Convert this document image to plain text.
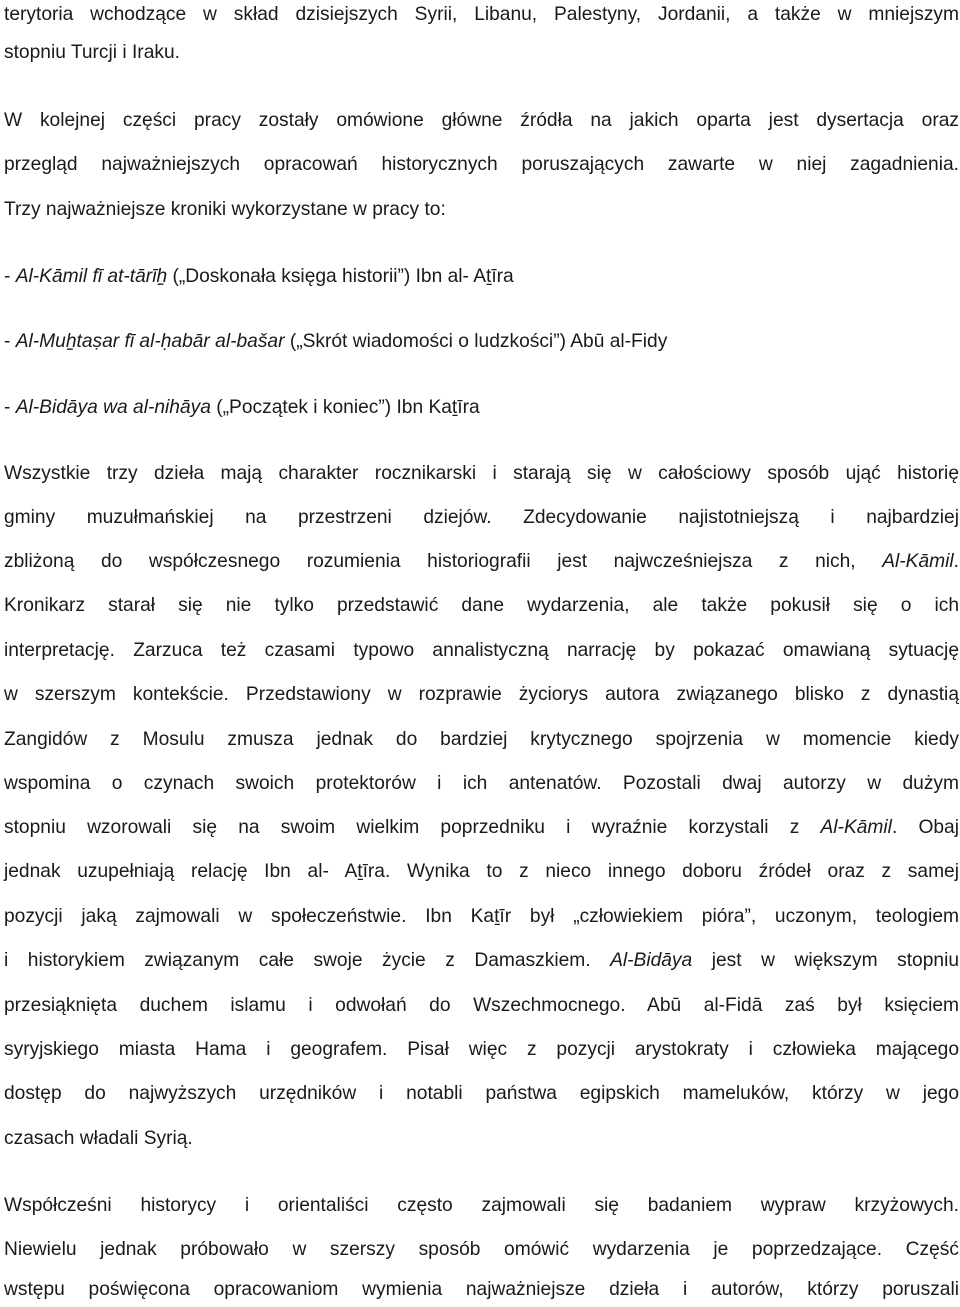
terytoria wchodzące w skład dzisiejszych Syrii, Libanu, Palestyny, Jordanii, a także w mniejszym
stopniu Turcji i Iraku.
W kolejnej części pracy zostały omówione główne źródła na jakich oparta jest dysertacja oraz
przegląd najważniejszych opracowań historycznych poruszających zawarte w niej zagadnienia.
Trzy najważniejsze kroniki wykorzystane w pracy to:
- Al-Kāmil fī at-tārīẖ („Doskonała księga historii”) Ibn al- Aṯīra
- Al-Muẖtaṣar fī al-ḥabār al-bašar („Skrót wiadomości o ludzkości”) Abū al-Fidy
- Al-Bidāya wa al-nihāya („Początek i koniec”) Ibn Kaṯīra
Wszystkie trzy dzieła mają charakter rocznikarski i starają się w całościowy sposób ująć historię
gminy muzułmańskiej na przestrzeni dziejów. Zdecydowanie najistotniejszą i najbardziej
zbliżoną do współczesnego rozumienia historiografii jest najwcześniejsza z nich, Al-Kāmil.
Kronikarz starał się nie tylko przedstawić dane wydarzenia, ale także pokusił się o ich
interpretację. Zarzuca też czasami typowo annalistyczną narrację by pokazać omawianą sytuację
w szerszym kontekście. Przedstawiony w rozprawie życiorys autora związanego blisko z dynastią
Zangidów z Mosulu zmusza jednak do bardziej krytycznego spojrzenia w momencie kiedy
wspomina o czynach swoich protektorów i ich antenatów. Pozostali dwaj autorzy w dużym
stopniu wzorowali się na swoim wielkim poprzedniku i wyraźnie korzystali z Al-Kāmil. Obaj
jednak uzupełniają relację Ibn al- Aṯīra. Wynika to z nieco innego doboru źródeł oraz z samej
pozycji jaką zajmowali w społeczeństwie. Ibn Kaṯīr był „człowiekiem pióra”, uczonym, teologiem
i historykiem związanym całe swoje życie z Damaszkiem. Al-Bidāya jest w większym stopniu
przesiąknięta duchem islamu i odwołań do Wszechmocnego. Abū al-Fidā zaś był księciem
syryjskiego miasta Hama i geografem. Pisał więc z pozycji arystokraty i człowieka mającego
dostęp do najwyższych urzędników i notabli państwa egipskich mameluków, którzy w jego
czasach władali Syrią.
Współcześni historycy i orientaliści często zajmowali się badaniem wypraw krzyżowych.
Niewielu jednak próbowało w szerszy sposób omówić wydarzenia je poprzedzające. Część
wstępu poświęcona opracowaniom wymienia najważniejsze dzieła i autorów, którzy poruszali
